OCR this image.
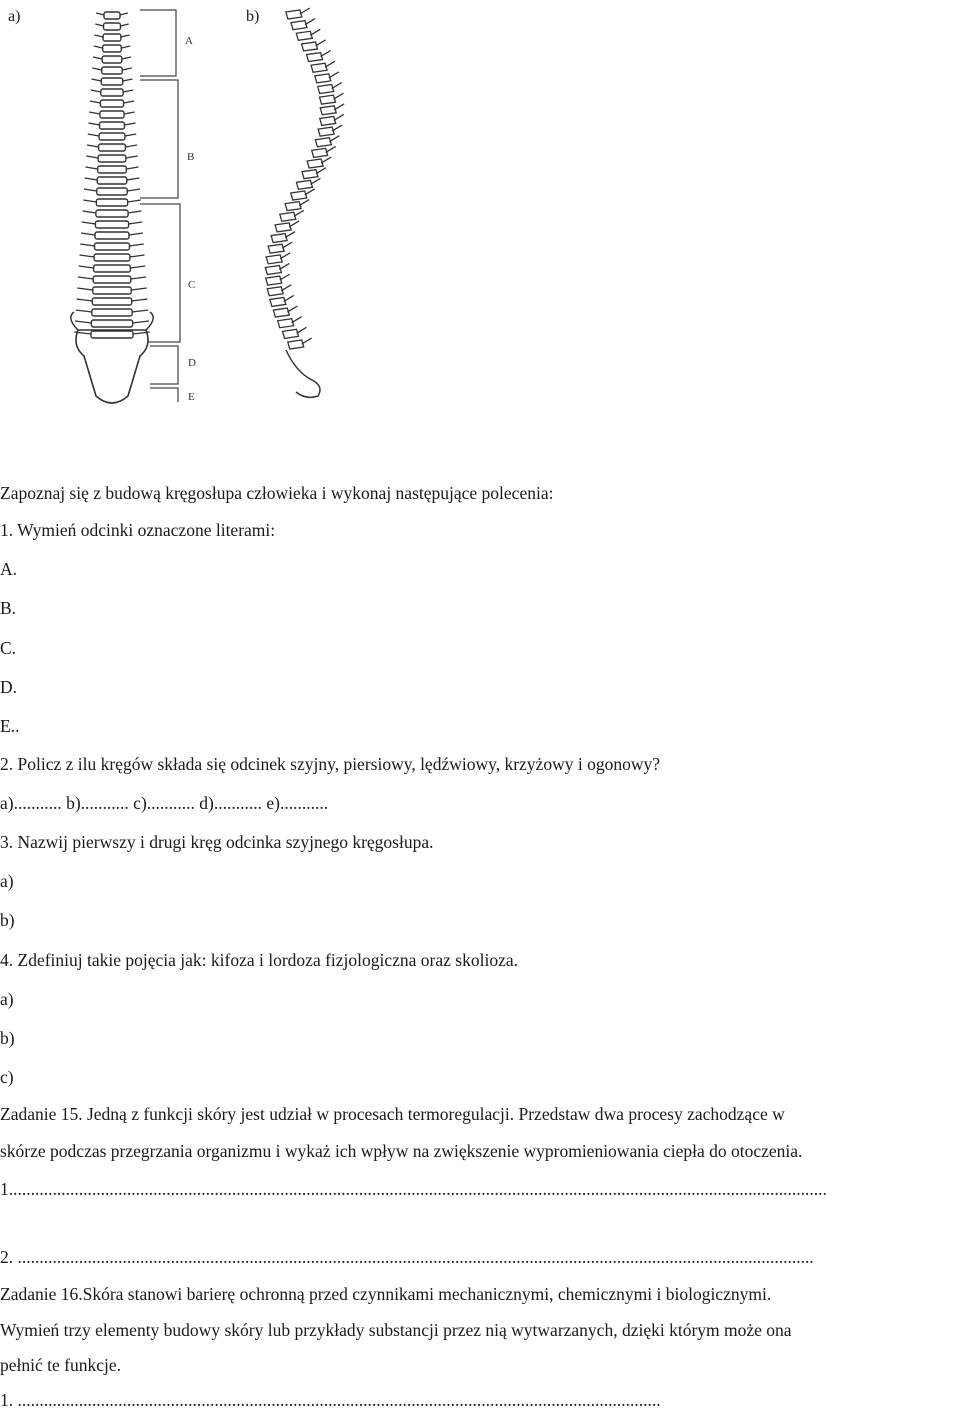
a)	b)
A
B
C
D
E
Zapoznaj się z budową kręgosłupa człowieka i wykonaj następujące polecenia:
1. Wymień odcinki oznaczone literami:
A.
B.
C.
D.
E..
2. Policz z ilu kręgów składa się odcinek szyjny, piersiowy, lędźwiowy, krzyżowy i ogonowy?
a)........... b)........... c)........... d)........... e)...........
3. Nazwij pierwszy i drugi kręg odcinka szyjnego kręgosłupa.
a)
b)
4. Zdefiniuj takie pojęcia jak: kifoza i lordoza fizjologiczna oraz skolioza.
a)
b)
c)
Zadanie 15. Jedną z funkcji skóry jest udział w procesach termoregulacji. Przedstaw dwa procesy zachodzące w
skórze podczas przegrzania organizmu i wykaż ich wpływ na zwiększenie wypromieniowania ciepła do otoczenia.
1...........................................................................................................................................................................................
2. ......................................................................................................................................................................................
Zadanie 16.Skóra stanowi barierę ochronną przed czynnikami mechanicznymi, chemicznymi i biologicznymi.
Wymień trzy elementy budowy skóry lub przykłady substancji przez nią wytwarzanych, dzięki którym może ona
pełnić te funkcje.
1. ...................................................................................................................................................
